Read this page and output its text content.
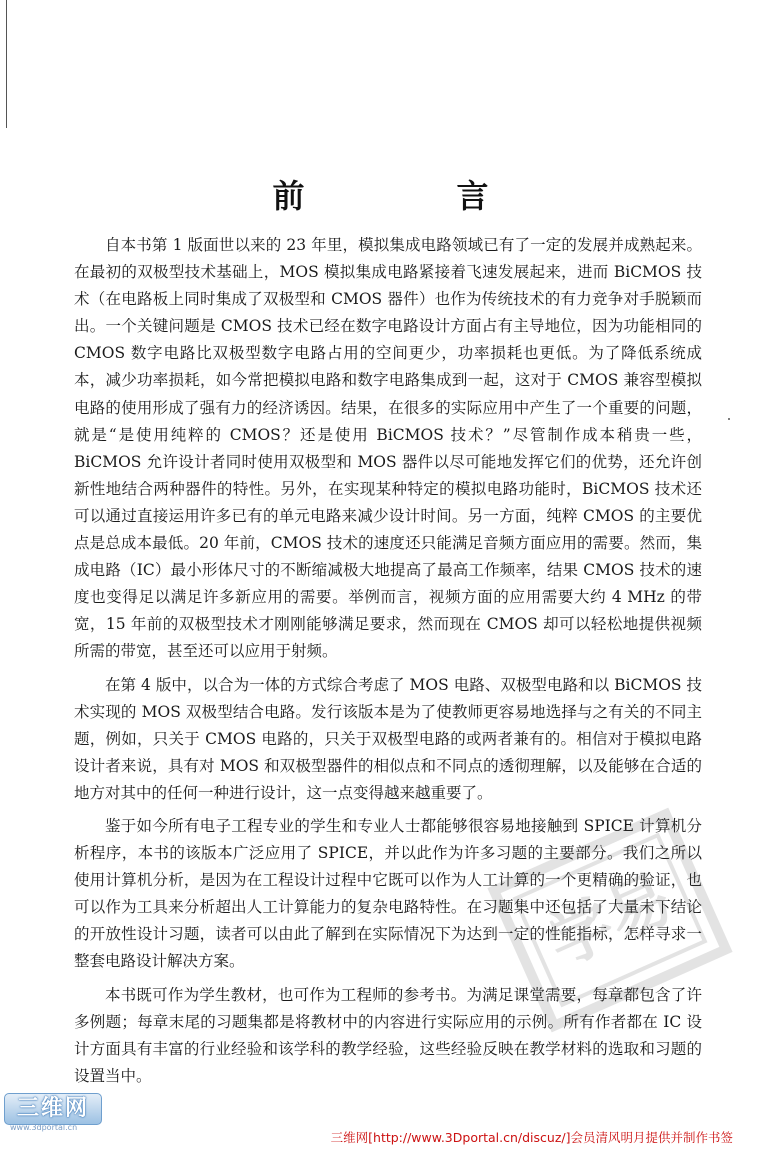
前　言

自本书第 1 版面世以来的 23 年里，模拟集成电路领域已有了一定的发展并成熟起来。在最初的双极型技术基础上，MOS 模拟集成电路紧接着飞速发展起来，进而 BiCMOS 技术（在电路板上同时集成了双极型和 CMOS 器件）也作为传统技术的有力竞争对手脱颖而出。一个关键问题是 CMOS 技术已经在数字电路设计方面占有主导地位，因为功能相同的 CMOS 数字电路比双极型数字电路占用的空间更少，功率损耗也更低。为了降低系统成本，减少功率损耗，如今常把模拟电路和数字电路集成到一起，这对于 CMOS 兼容型模拟电路的使用形成了强有力的经济诱因。结果，在很多的实际应用中产生了一个重要的问题，就是“是使用纯粹的 CMOS？还是使用 BiCMOS 技术？”尽管制作成本稍贵一些，BiCMOS 允许设计者同时使用双极型和 MOS 器件以尽可能地发挥它们的优势，还允许创新性地结合两种器件的特性。另外，在实现某种特定的模拟电路功能时，BiCMOS 技术还可以通过直接运用许多已有的单元电路来减少设计时间。另一方面，纯粹 CMOS 的主要优点是总成本最低。20 年前，CMOS 技术的速度还只能满足音频方面应用的需要。然而，集成电路（IC）最小形体尺寸的不断缩减极大地提高了最高工作频率，结果 CMOS 技术的速度也变得足以满足许多新应用的需要。举例而言，视频方面的应用需要大约 4 MHz 的带宽，15 年前的双极型技术才刚刚能够满足要求，然而现在 CMOS 却可以轻松地提供视频所需的带宽，甚至还可以应用于射频。

在第 4 版中，以合为一体的方式综合考虑了 MOS 电路、双极型电路和以 BiCMOS 技术实现的 MOS 双极型结合电路。发行该版本是为了使教师更容易地选择与之有关的不同主题，例如，只关于 CMOS 电路的，只关于双极型电路的或两者兼有的。相信对于模拟电路设计者来说，具有对 MOS 和双极型器件的相似点和不同点的透彻理解，以及能够在合适的地方对其中的任何一种进行设计，这一点变得越来越重要了。

鉴于如今所有电子工程专业的学生和专业人士都能够很容易地接触到 SPICE 计算机分析程序，本书的该版本广泛应用了 SPICE，并以此作为许多习题的主要部分。我们之所以使用计算机分析，是因为在工程设计过程中它既可以作为人工计算的一个更精确的验证，也可以作为工具来分析超出人工计算能力的复杂电路特性。在习题集中还包括了大量未下结论的开放性设计习题，读者可以由此了解到在实际情况下为达到一定的性能指标，怎样寻求一整套电路设计解决方案。

本书既可作为学生教材，也可作为工程师的参考书。为满足课堂需要，每章都包含了许多例题；每章末尾的习题集都是将教材中的内容进行实际应用的示例。所有作者都在 IC 设计方面具有丰富的行业经验和该学科的教学经验，这些经验反映在教学材料的选取和习题的设置当中。

学易
三维网
www.3dportal.cn
三维网[http://www.3Dportal.cn/discuz/]会员清风明月提供并制作书签
